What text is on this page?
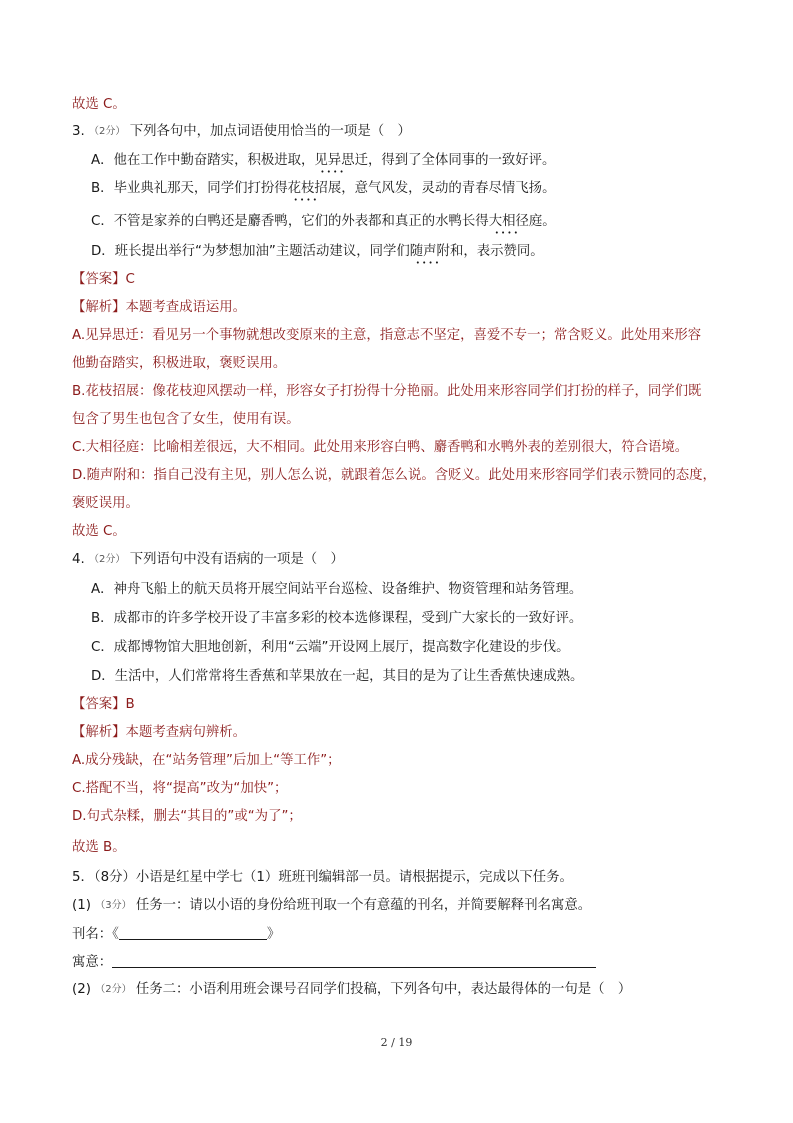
故选 C。
3. （2分） 下列各句中，加点词语使用恰当的一项是（　）
A．他在工作中勤奋踏实，积极进取，见异思迁 • • • •，得到了全体同事的一致好评。
B．毕业典礼那天，同学们打扮得花枝招展 • • • •，意气风发，灵动的青春尽情飞扬。
C．不管是家养的白鸭还是麝香鸭，它们的外表都和真正的水鸭长得大相径庭 • • • •。
D．班长提出举行“为梦想加油”主题活动建议，同学们随声附和 • • • •，表示赞同。
【答案】C
【解析】本题考查成语运用。
A.见异思迁：看见另一个事物就想改变原来的主意，指意志不坚定，喜爱不专一；常含贬义。此处用来形容
他勤奋踏实，积极进取，褒贬误用。
B.花枝招展：像花枝迎风摆动一样，形容女子打扮得十分艳丽。此处用来形容同学们打扮的样子，同学们既
包含了男生也包含了女生，使用有误。
C.大相径庭：比喻相差很远，大不相同。此处用来形容白鸭、麝香鸭和水鸭外表的差别很大，符合语境。
D.随声附和：指自己没有主见，别人怎么说，就跟着怎么说。含贬义。此处用来形容同学们表示赞同的态度，
褒贬误用。
故选 C。
4. （2分） 下列语句中没有语病的一项是（　）
A．神舟飞船上的航天员将开展空间站平台巡检、设备维护、物资管理和站务管理。
B．成都市的许多学校开设了丰富多彩的校本选修课程，受到广大家长的一致好评。
C．成都博物馆大胆地创新，利用“云端”开设网上展厅，提高数字化建设的步伐。
D．生活中，人们常常将生香蕉和苹果放在一起，其目的是为了让生香蕉快速成熟。
【答案】B
【解析】本题考查病句辨析。
A.成分残缺，在“站务管理”后加上“等工作”；
C.搭配不当，将“提高”改为“加快”；
D.句式杂糅，删去“其目的”或“为了”；
故选 B。
5．（8分）小语是红星中学七（1）班班刊编辑部一员。请根据提示，完成以下任务。
(1) （3分） 任务一：请以小语的身份给班刊取一个有意蕴的刊名，并简要解释刊名寓意。
刊名：《	》
寓意：
(2) （2分） 任务二：小语利用班会课号召同学们投稿，下列各句中，表达最得体的一句是（　）
2 / 19
